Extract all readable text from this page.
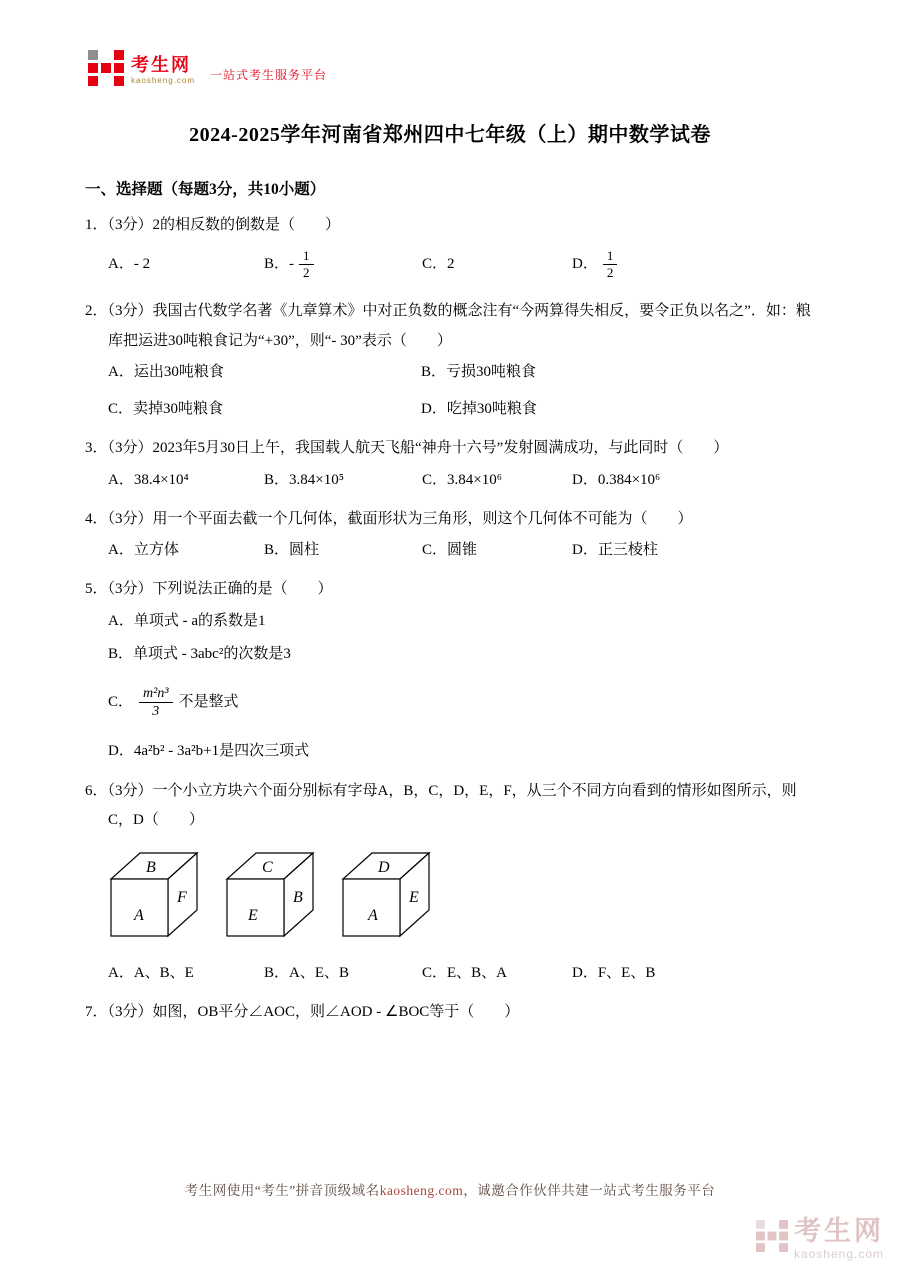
考生网
kaosheng.com 一站式考生服务平台
2024-2025学年河南省郑州四中七年级（上）期中数学试卷
一、选择题（每题3分，共10小题）
1．（3分）2的相反数的倒数是（　　）
A．- 2	B．- $\frac{1}{2}$	C．2	D． $\frac{1}{2}$
2．（3分）我国古代数学名著《九章算术》中对正负数的概念注有“今两算得失相反，要令正负以名之”．如：粮库把运进30吨粮食记为“+30”，则“- 30”表示（　　）
A．运出30吨粮食	B．亏损30吨粮食
C．卖掉30吨粮食	D．吃掉30吨粮食
3．（3分）2023年5月30日上午，我国载人航天飞船“神舟十六号”发射圆满成功，与此同时（　　）
A．38.4×10⁴	B．3.84×10⁵	C．3.84×10⁶	D．0.384×10⁶
4．（3分）用一个平面去截一个几何体，截面形状为三角形，则这个几何体不可能为（　　）
A．立方体	B．圆柱	C．圆锥	D．正三棱柱
5．（3分）下列说法正确的是（　　）
A．单项式 - a的系数是1
B．单项式 - 3abc²的次数是3
C． $\frac{\text{m²n³}}{3}$ 不是整式
D．4a²b² - 3a²b+1是四次三项式
6．（3分）一个小立方块六个面分别标有字母A，B，C，D，E，F，从三个不同方向看到的情形如图所示，则C，D（　　）
B
F
A
C
B
E
D
E
A
A．A、B、E	B．A、E、B	C．E、B、A	D．F、E、B
7．（3分）如图，OB平分∠AOC，则∠AOD - ∠BOC等于（　　）
考生网使用“考生”拼音顶级域名kaosheng.com，诚邀合作伙伴共建一站式考生服务平台
考生网
kaosheng.com
